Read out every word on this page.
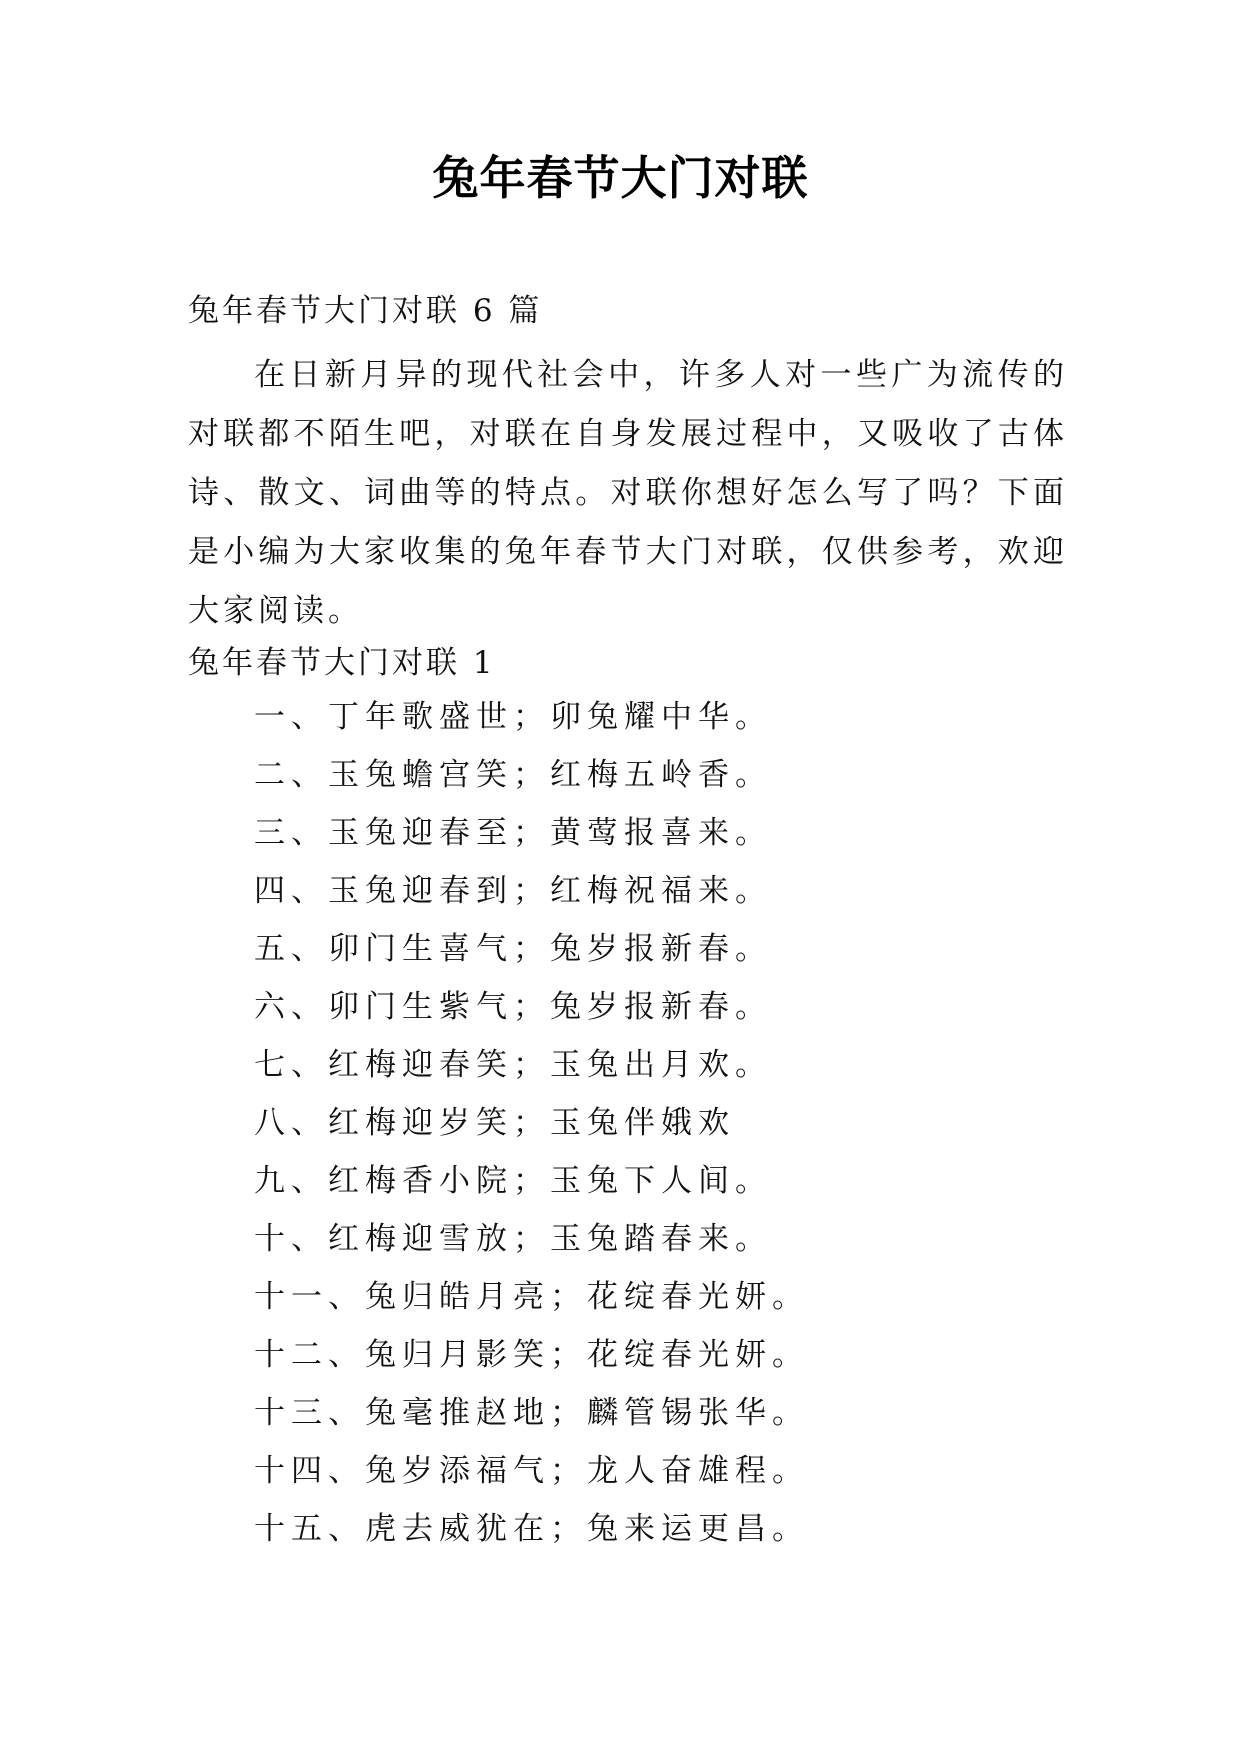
兔年春节大门对联
兔年春节大门对联 6 篇

在日新月异的现代社会中，许多人对一些广为流传的对联都不陌生吧，对联在自身发展过程中，又吸收了古体诗、散文、词曲等的特点。对联你想好怎么写了吗？下面是小编为大家收集的兔年春节大门对联，仅供参考，欢迎大家阅读。

兔年春节大门对联 1
一、丁年歌盛世；卯兔耀中华。
二、玉兔蟾宫笑；红梅五岭香。
三、玉兔迎春至；黄莺报喜来。
四、玉兔迎春到；红梅祝福来。
五、卯门生喜气；兔岁报新春。
六、卯门生紫气；兔岁报新春。
七、红梅迎春笑；玉兔出月欢。
八、红梅迎岁笑；玉兔伴娥欢
九、红梅香小院；玉兔下人间。
十、红梅迎雪放；玉兔踏春来。
十一、兔归皓月亮；花绽春光妍。
十二、兔归月影笑；花绽春光妍。
十三、兔毫推赵地；麟管锡张华。
十四、兔岁添福气；龙人奋雄程。
十五、虎去威犹在；兔来运更昌。
